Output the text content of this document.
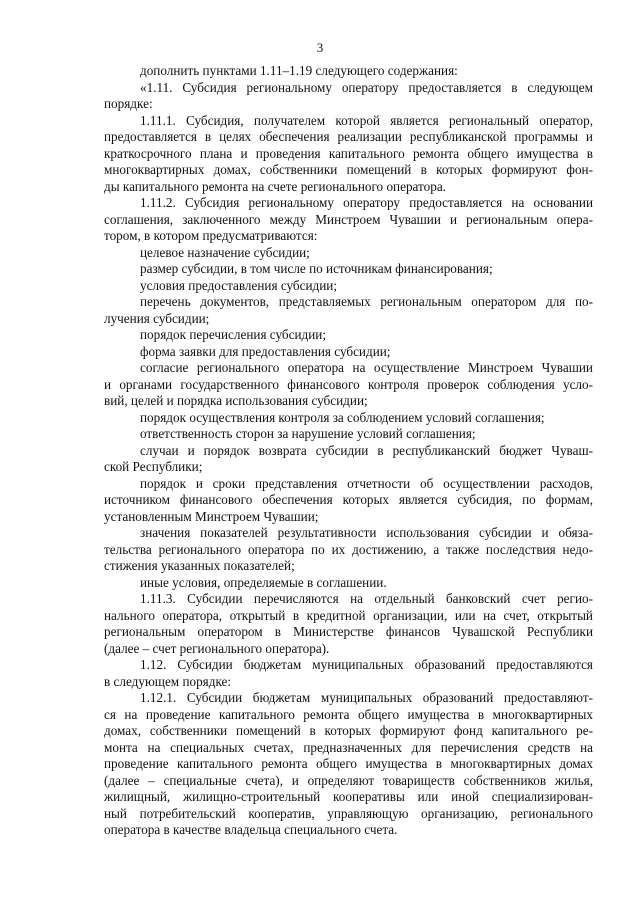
3
дополнить пунктами 1.11–1.19 следующего содержания:
«1.11. Субсидия региональному оператору предоставляется в следующем
порядке:
1.11.1. Субсидия, получателем которой является региональный оператор,
предоставляется в целях обеспечения реализации республиканской программы и
краткосрочного плана и проведения капитального ремонта общего имущества в
многоквартирных домах, собственники помещений в которых формируют фон-
ды капитального ремонта на счете регионального оператора.
1.11.2. Субсидия региональному оператору предоставляется на основании
соглашения, заключенного между Минстроем Чувашии и региональным опера-
тором, в котором предусматриваются:
целевое назначение субсидии;
размер субсидии, в том числе по источникам финансирования;
условия предоставления субсидии;
перечень документов, представляемых региональным оператором для по-
лучения субсидии;
порядок перечисления субсидии;
форма заявки для предоставления субсидии;
согласие регионального оператора на осуществление Минстроем Чувашии
и органами государственного финансового контроля проверок соблюдения усло-
вий, целей и порядка использования субсидии;
порядок осуществления контроля за соблюдением условий соглашения;
ответственность сторон за нарушение условий соглашения;
случаи и порядок возврата субсидии в республиканский бюджет Чуваш-
ской Республики;
порядок и сроки представления отчетности об осуществлении расходов,
источником финансового обеспечения которых является субсидия, по формам,
установленным Минстроем Чувашии;
значения показателей результативности использования субсидии и обяза-
тельства регионального оператора по их достижению, а также последствия недо-
стижения указанных показателей;
иные условия, определяемые в соглашении.
1.11.3. Субсидии перечисляются на отдельный банковский счет регио-
нального оператора, открытый в кредитной организации, или на счет, открытый
региональным оператором в Министерстве финансов Чувашской Республики
(далее – счет регионального оператора).
1.12. Субсидии бюджетам муниципальных образований предоставляются
в следующем порядке:
1.12.1. Субсидии бюджетам муниципальных образований предоставляют-
ся на проведение капитального ремонта общего имущества в многоквартирных
домах, собственники помещений в которых формируют фонд капитального ре-
монта на специальных счетах, предназначенных для перечисления средств на
проведение капитального ремонта общего имущества в многоквартирных домах
(далее – специальные счета), и определяют товариществ собственников жилья,
жилищный, жилищно-строительный кооперативы или иной специализирован-
ный потребительский кооператив, управляющую организацию, регионального
оператора в качестве владельца специального счета.
